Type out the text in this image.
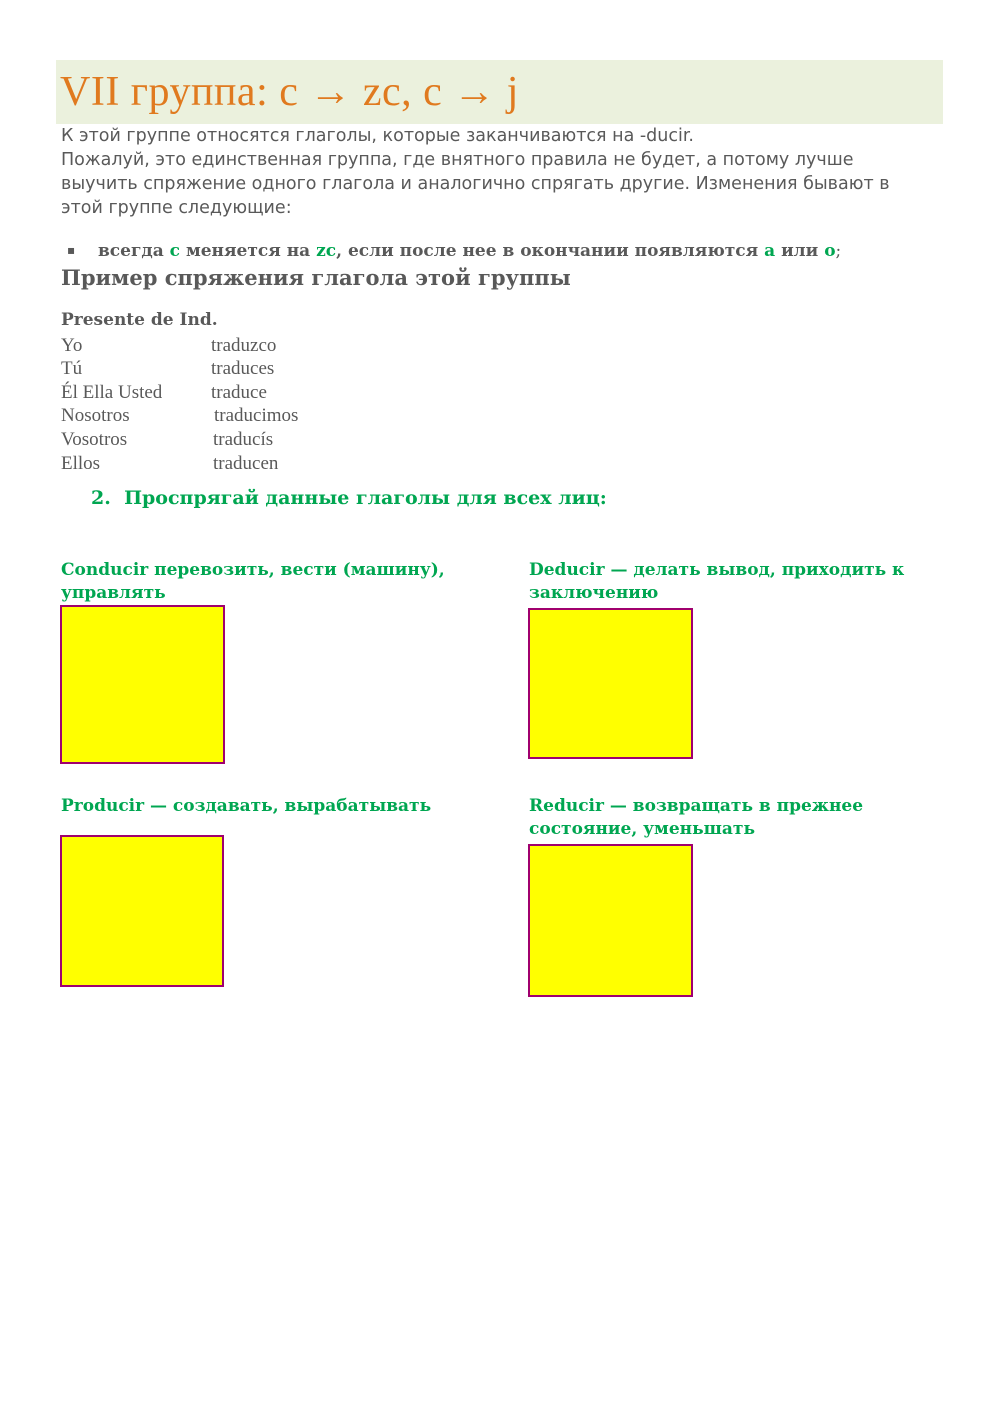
VII группа: c → zc, c → j

К этой группе относятся глаголы, которые заканчиваются на -ducir.

Пожалуй, это единственная группа, где внятного правила не будет, а потому лучше выучить спряжение одного глагола и аналогично спрягать другие. Изменения бывают в этой группе следующие:

▪ всегда c меняется на zc, если после нее в окончании появляются a или o;
Пример спряжения глагола этой группы
Presente de Ind.
Yo	traduzco
Tú	traduces
Él Ella Usted	traduce
Nosotros	traducimos
Vosotros	traducís
Ellos	traducen
2. Проспрягай данные глаголы для всех лиц:
Conducir перевозить, вести (машину), управлять
Deducir — делать вывод, приходить к заключению
Producir — создавать, вырабатывать	Reducir — возвращать в прежнее состояние, уменьшать
